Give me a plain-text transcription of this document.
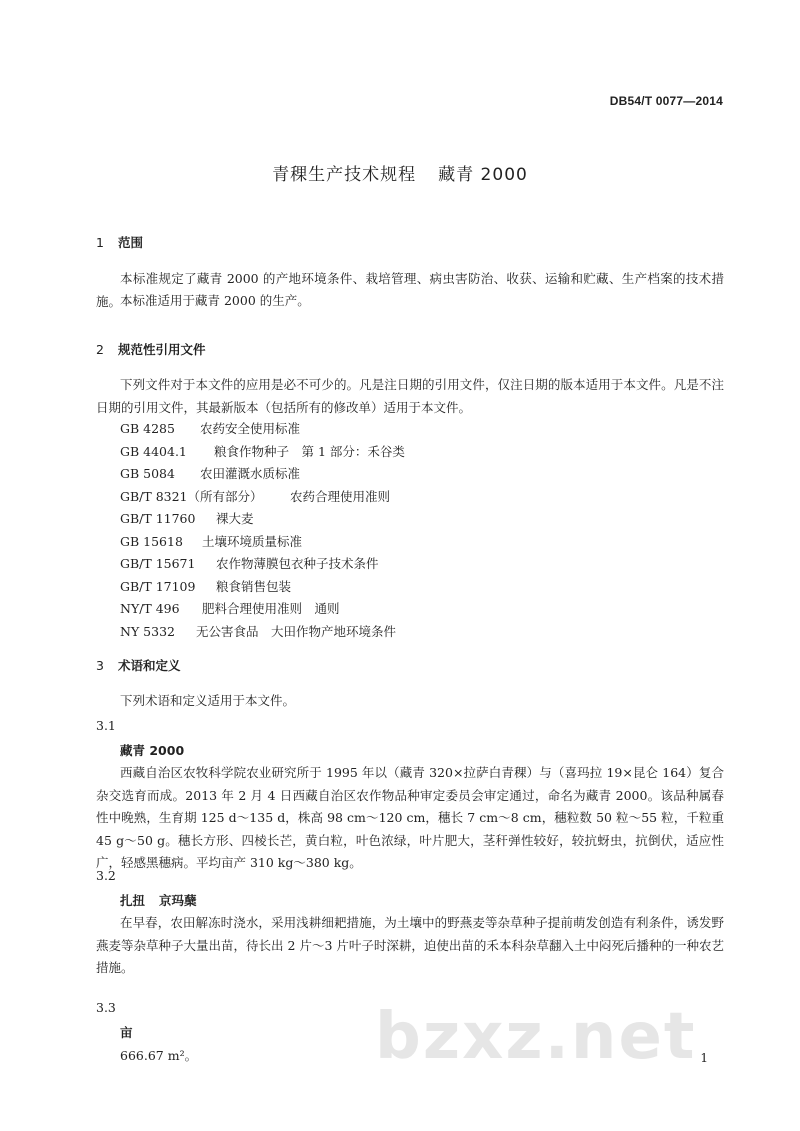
DB54/T 0077—2014
青稞生产技术规程 藏青 2000
1 范围

本标准规定了藏青 2000 的产地环境条件、栽培管理、病虫害防治、收获、运输和贮藏、生产档案的技术措施。

本标准适用于藏青 2000 的生产。

2 规范性引用文件

下列文件对于本文件的应用是必不可少的。凡是注日期的引用文件，仅注日期的版本适用于本文件。凡是不注日期的引用文件，其最新版本（包括所有的修改单）适用于本文件。

GB 4285 农药安全使用标准
GB 4404.1 粮食作物种子　第 1 部分：禾谷类
GB 5084 农田灌溉水质标准
GB/T 8321（所有部分） 农药合理使用准则
GB/T 11760 裸大麦
GB 15618 土壤环境质量标准
GB/T 15671 农作物薄膜包衣种子技术条件
GB/T 17109 粮食销售包装
NY/T 496 肥料合理使用准则　通则
NY 5332 无公害食品　大田作物产地环境条件
3 术语和定义

下列术语和定义适用于本文件。

3.1
藏青 2000

西藏自治区农牧科学院农业研究所于 1995 年以（藏青 320×拉萨白青稞）与（喜玛拉 19×昆仑 164）复合杂交选育而成。2013 年 2 月 4 日西藏自治区农作物品种审定委员会审定通过，命名为藏青 2000。该品种属春性中晚熟，生育期 125 d～135 d，株高 98 cm～120 cm，穗长 7 cm～8 cm，穗粒数 50 粒～55 粒，千粒重 45 g～50 g。穗长方形、四棱长芒，黄白粒，叶色浓绿，叶片肥大，茎秆弹性较好，较抗蚜虫，抗倒伏，适应性广，轻感黑穗病。平均亩产 310 kg～380 kg。

3.2
扎扭 京玛蘖

在早春，农田解冻时浇水，采用浅耕细耙措施，为土壤中的野燕麦等杂草种子提前萌发创造有利条件，诱发野燕麦等杂草种子大量出苗，待长出 2 片～3 片叶子时深耕，迫使出苗的禾本科杂草翻入土中闷死后播种的一种农艺措施。

3.3
亩
666.67 m²。	bzxz.net 1
